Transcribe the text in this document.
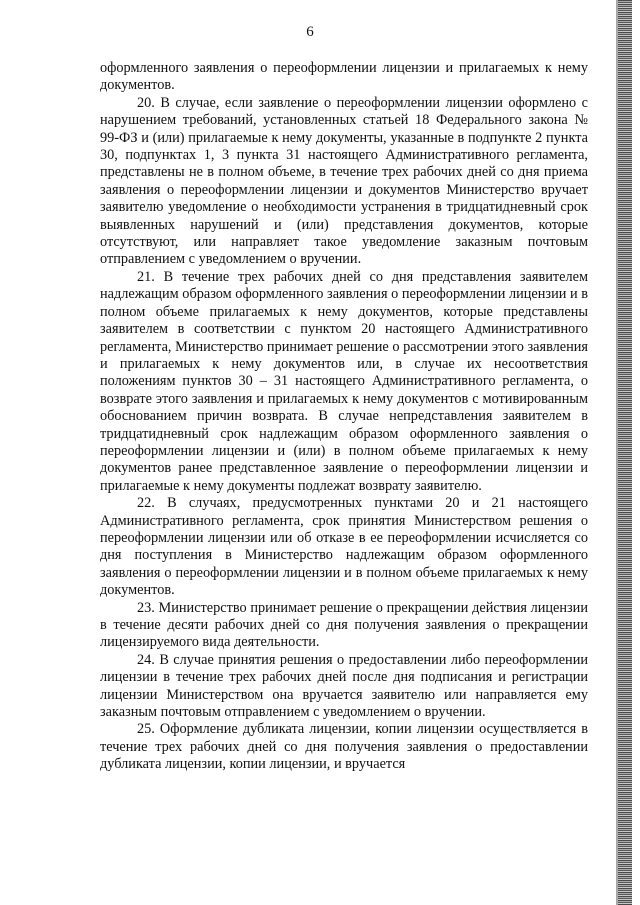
6

оформленного заявления о переоформлении лицензии и прилагаемых к нему документов.

20. В случае, если заявление о переоформлении лицензии оформлено с нарушением требований, установленных статьей 18 Федерального закона № 99-ФЗ и (или) прилагаемые к нему документы, указанные в подпункте 2 пункта 30, подпунктах 1, 3 пункта 31 настоящего Административного регламента, представлены не в полном объеме, в течение трех рабочих дней со дня приема заявления о переоформлении лицензии и документов Министерство вручает заявителю уведомление о необходимости устранения в тридцатидневный срок выявленных нарушений и (или) представления документов, которые отсутствуют, или направляет такое уведомление заказным почтовым отправлением с уведомлением о вручении.

21. В течение трех рабочих дней со дня представления заявителем надлежащим образом оформленного заявления о переоформлении лицензии и в полном объеме прилагаемых к нему документов, которые представлены заявителем в соответствии с пунктом 20 настоящего Административного регламента, Министерство принимает решение о рассмотрении этого заявления и прилагаемых к нему документов или, в случае их несоответствия положениям пунктов 30 – 31 настоящего Административного регламента, о возврате этого заявления и прилагаемых к нему документов с мотивированным обоснованием причин возврата. В случае непредставления заявителем в тридцатидневный срок надлежащим образом оформленного заявления о переоформлении лицензии и (или) в полном объеме прилагаемых к нему документов ранее представленное заявление о переоформлении лицензии и прилагаемые к нему документы подлежат возврату заявителю.

22. В случаях, предусмотренных пунктами 20 и 21 настоящего Административного регламента, срок принятия Министерством решения о переоформлении лицензии или об отказе в ее переоформлении исчисляется со дня поступления в Министерство надлежащим образом оформленного заявления о переоформлении лицензии и в полном объеме прилагаемых к нему документов.

23. Министерство принимает решение о прекращении действия лицензии в течение десяти рабочих дней со дня получения заявления о прекращении лицензируемого вида деятельности.

24. В случае принятия решения о предоставлении либо переоформлении лицензии в течение трех рабочих дней после дня подписания и регистрации лицензии Министерством она вручается заявителю или направляется ему заказным почтовым отправлением с уведомлением о вручении.

25. Оформление дубликата лицензии, копии лицензии осуществляется в течение трех рабочих дней со дня получения заявления о предоставлении дубликата лицензии, копии лицензии, и вручается
